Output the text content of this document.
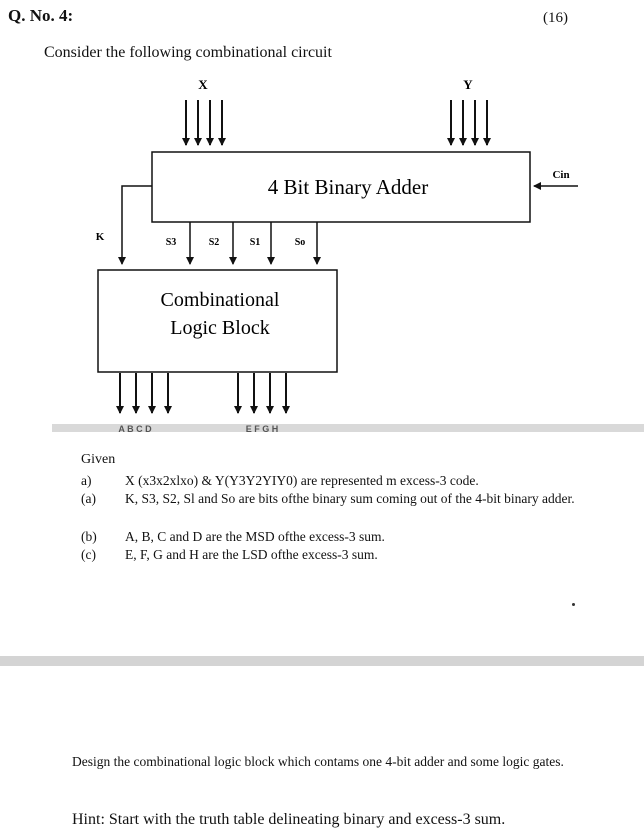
Q. No. 4:	(16)
Consider the following combinational circuit
X	Y
4 Bit Binary Adder	Cin
K	S3	S2	S1	So
Combinational
Logic Block
A B C D	E F G H
Given
a) X (x3x2xlxo) & Y(Y3Y2YIY0) are represented m excess-3 code.
(a) K, S3, S2, Sl and So are bits ofthe binary sum coming out of the 4-bit binary adder.
(b) A, B, C and D are the MSD ofthe excess-3 sum.
(c) E, F, G and H are the LSD ofthe excess-3 sum.
Design the combinational logic block which contams one 4-bit adder and some logic gates.
Hint: Start with the truth table delineating binary and excess-3 sum.
